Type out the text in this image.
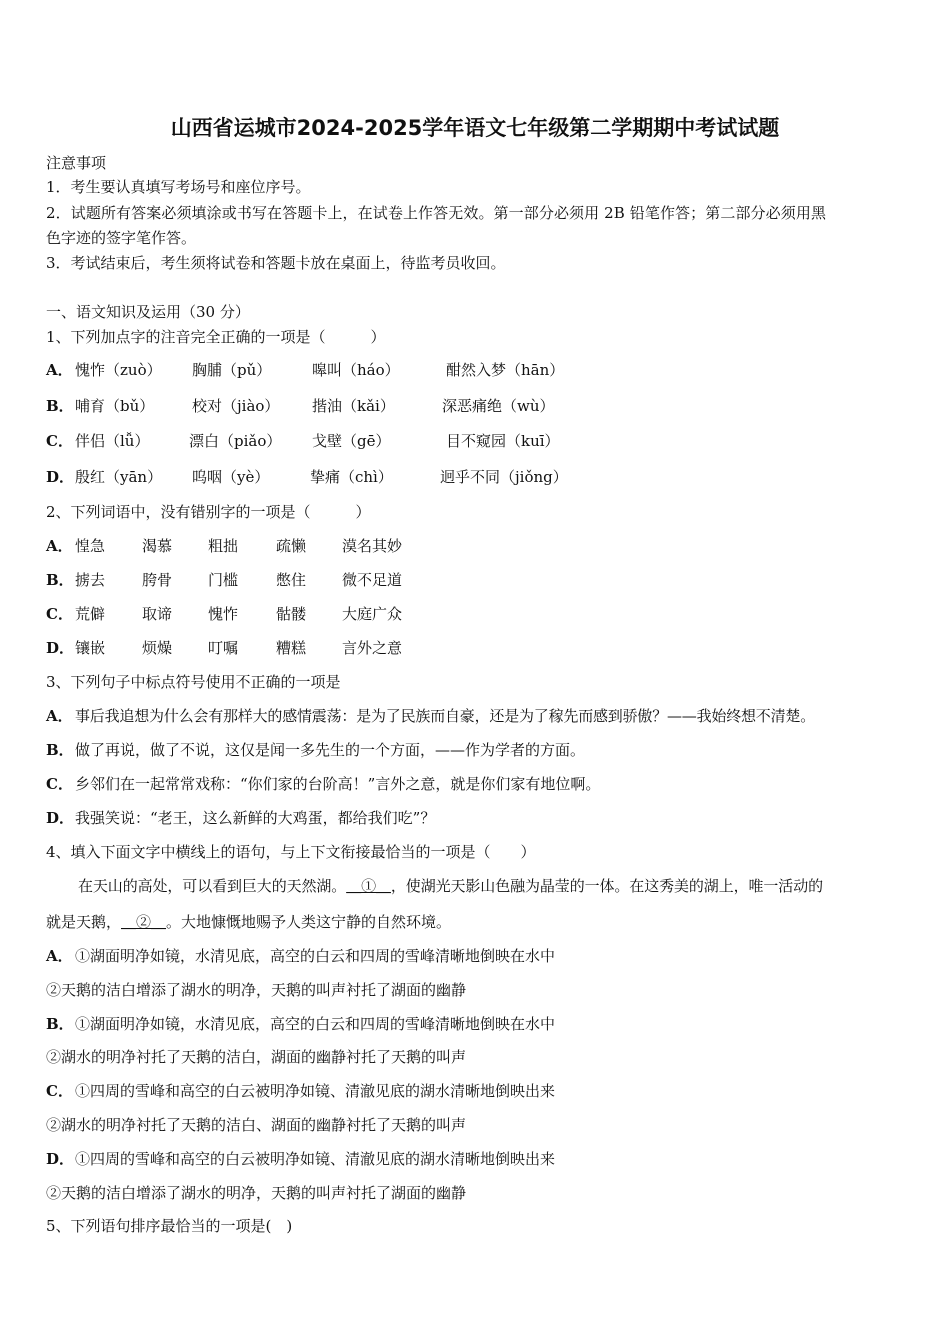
山西省运城市2024-2025学年语文七年级第二学期期中考试试题
注意事项
1．考生要认真填写考场号和座位序号。
2．试题所有答案必须填涂或书写在答题卡上，在试卷上作答无效。第一部分必须用 2B 铅笔作答；第二部分必须用黑
色字迹的签字笔作答。
3．考试结束后，考生须将试卷和答题卡放在桌面上，待监考员收回。
一、语文知识及运用（30 分）
1、下列加点字的注音完全正确的一项是（　　　）
A． 愧怍（zuò） 胸脯（pǔ）	嗥叫（háo）	酣然入梦（hān）
B． 哺育（bǔ）	校对（jiào） 揩油（kǎi）	深恶痛绝（wù）
C． 伴侣（lǚ）	漂白（piǎo） 戈壁（gē）	目不窥园（kuī）
D． 殷红（yān） 呜咽（yè）	挚痛（chì）	迥乎不同（jiǒng）
2、下列词语中，没有错别字的一项是（　　　）
A． 惶急 渴慕 粗拙	疏懒 漠名其妙
B． 掳去 胯骨 门槛	憋住 微不足道
C． 荒僻 取谛 愧怍	骷髅 大庭广众
D． 镶嵌 烦燥 叮嘱	糟糕 言外之意
3、下列句子中标点符号使用不正确的一项是
A． 事后我追想为什么会有那样大的感情震荡：是为了民族而自豪，还是为了稼先而感到骄傲？——我始终想不清楚。
B． 做了再说，做了不说，这仅是闻一多先生的一个方面，——作为学者的方面。
C． 乡邻们在一起常常戏称：“你们家的台阶高！”言外之意，就是你们家有地位啊。
D． 我强笑说：“老王，这么新鲜的大鸡蛋，都给我们吃”？
4、填入下面文字中横线上的语句，与上下文衔接最恰当的一项是（　　）
在天山的高处，可以看到巨大的天然湖。＿①＿，使湖光天影山色融为晶莹的一体。在这秀美的湖上，唯一活动的
就是天鹅，＿②＿。大地慷慨地赐予人类这宁静的自然环境。
A． ①湖面明净如镜，水清见底，高空的白云和四周的雪峰清晰地倒映在水中
②天鹅的洁白增添了湖水的明净，天鹅的叫声衬托了湖面的幽静
B． ①湖面明净如镜，水清见底，高空的白云和四周的雪峰清晰地倒映在水中
②湖水的明净衬托了天鹅的洁白，湖面的幽静衬托了天鹅的叫声
C． ①四周的雪峰和高空的白云被明净如镜、清澈见底的湖水清晰地倒映出来
②湖水的明净衬托了天鹅的洁白、湖面的幽静衬托了天鹅的叫声
D． ①四周的雪峰和高空的白云被明净如镜、清澈见底的湖水清晰地倒映出来
②天鹅的洁白增添了湖水的明净，天鹅的叫声衬托了湖面的幽静
5、下列语句排序最恰当的一项是(　)
